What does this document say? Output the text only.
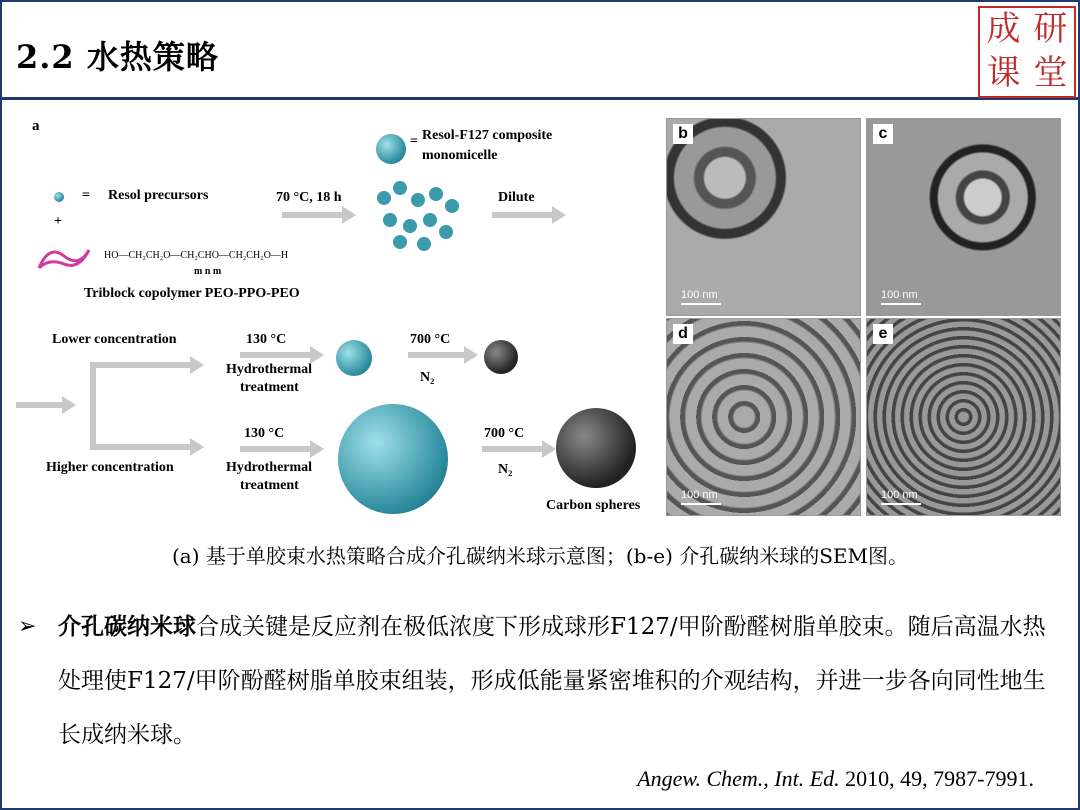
2.2 水热策略
成 研
课 堂
a
= Resol-F127 composite
monomicelle
= Resol precursors
+
HO—CH₂CH₂O—CH₂CHO—CH₂CH₂O—H
m n m
Triblock copolymer PEO-PPO-PEO
70 °C, 18 h	Dilute
Lower concentration
Higher concentration
130 °C
Hydrothermal
treatment
700 °C
N₂
130 °C
Hydrothermal
treatment
700 °C
N₂
Carbon spheres
b
100 nm
c
100 nm
d
100 nm
e
100 nm
(a) 基于单胶束水热策略合成介孔碳纳米球示意图；(b-e) 介孔碳纳米球的SEM图。
➢ 介孔碳纳米球合成关键是反应剂在极低浓度下形成球形F127/甲阶酚醛树脂单胶束。随后高温水热处理使F127/甲阶酚醛树脂单胶束组装，形成低能量紧密堆积的介观结构，并进一步各向同性地生长成纳米球。
Angew. Chem., Int. Ed. 2010, 49, 7987-7991.
